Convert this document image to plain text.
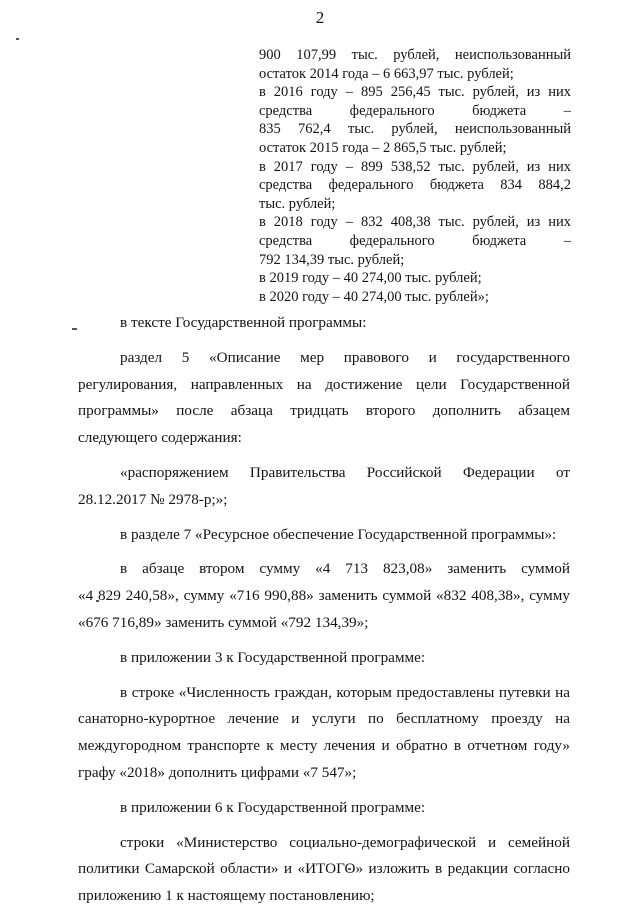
2
900 107,99 тыс. рублей, неиспользованный
остаток 2014 года – 6 663,97 тыс. рублей;
в 2016 году – 895 256,45 тыс. рублей, из них
средства федерального бюджета –
835 762,4 тыс. рублей, неиспользованный
остаток 2015 года – 2 865,5 тыс. рублей;
в 2017 году – 899 538,52 тыс. рублей, из них
средства федерального бюджета 834 884,2
тыс. рублей;
в 2018 году – 832 408,38 тыс. рублей, из них
средства федерального бюджета –
792 134,39 тыс. рублей;
в 2019 году – 40 274,00 тыс. рублей;
в 2020 году – 40 274,00 тыс. рублей»;

в тексте Государственной программы:

раздел 5 «Описание мер правового и государственного
регулирования, направленных на достижение цели Государственной
программы» после абзаца тридцать второго дополнить абзацем
следующего содержания:
«распоряжением Правительства Российской Федерации от
28.12.2017 № 2978-р;»;

в разделе 7 «Ресурсное обеспечение Государственной программы»:

в абзаце втором сумму «4 713 823,08» заменить суммой
«4 829 240,58», сумму «716 990,88» заменить суммой «832 408,38», сумму
«676 716,89» заменить суммой «792 134,39»;

в приложении 3 к Государственной программе:

в строке «Численность граждан, которым предоставлены путевки на
санаторно-курортное лечение и услуги по бесплатному проезду на
междугородном транспорте к месту лечения и обратно в отчетном году»
графу «2018» дополнить цифрами «7 547»;

в приложении 6 к Государственной программе:

строки «Министерство социально-демографической и семейной
политики Самарской области» и «ИТОГО» изложить в редакции согласно
приложению 1 к настоящему постановлению;
